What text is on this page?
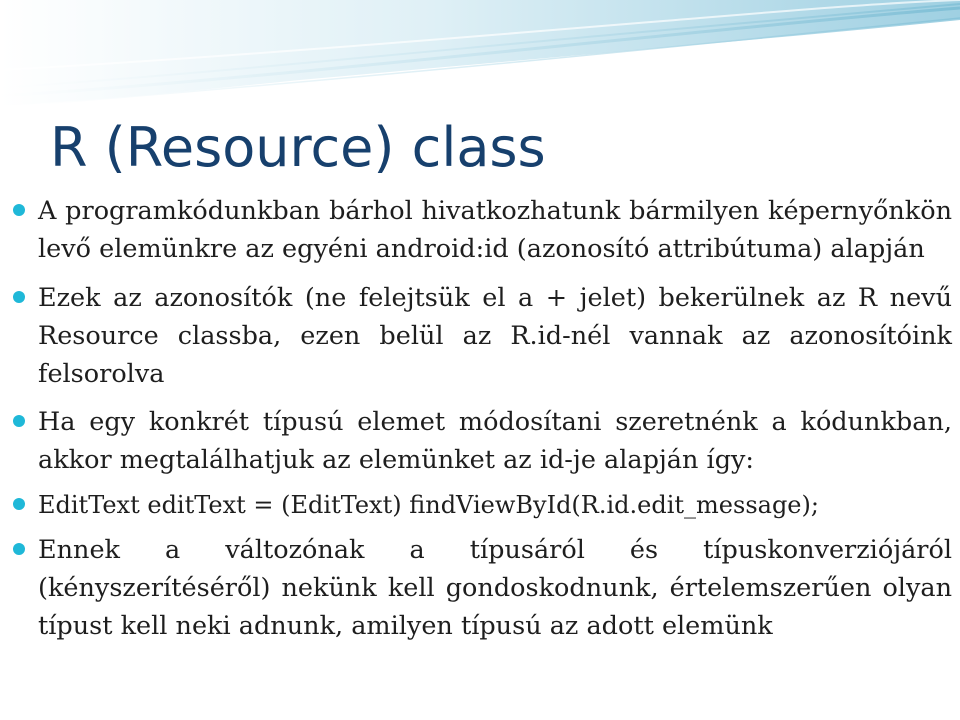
R (Resource) class
A programkódunkban bárhol hivatkozhatunk bármilyen képernyőnkön levő elemünkre az egyéni android:id (azonosító attribútuma) alapján
Ezek az azonosítók (ne felejtsük el a + jelet) bekerülnek az R nevű Resource classba, ezen belül az R.id-nél vannak az azonosítóink felsorolva
Ha egy konkrét típusú elemet módosítani szeretnénk a kódunkban, akkor megtalálhatjuk az elemünket az id-je alapján így:
EditText editText = (EditText) findViewById(R.id.edit_message);
Ennek a változónak a típusáról és típuskonverziójáról (kényszerítéséről) nekünk kell gondoskodnunk, értelemszerűen olyan típust kell neki adnunk, amilyen típusú az adott elemünk
